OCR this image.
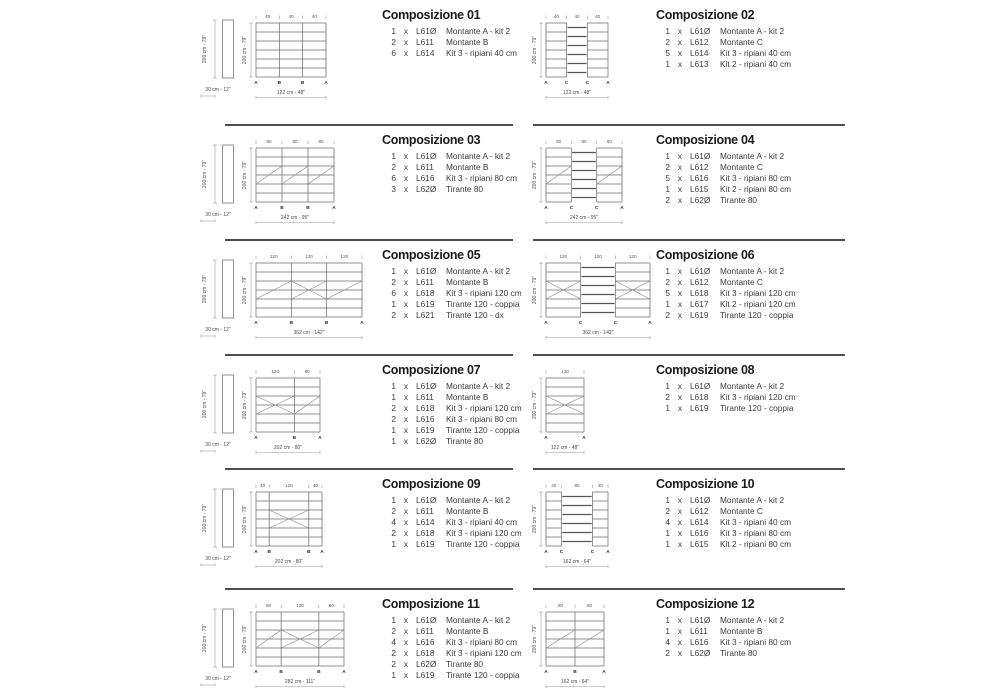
200 cm - 79"
30 cm - 12"
40	40	40
A	B	B	A
200 cm - 79"
122 cm - 48"
Composizione 01
1 x L61Ø	Montante A - kit 2
2 x L611	Montante B
6 x L614	Kit 3 - ripiani 40 cm
40	40	40
A	C	C	A
200 cm - 79"
122 cm - 48"
Composizione 02
1 x L61Ø	Montante A - kit 2
2 x L612	Montante C
5 x L614	Kit 3 - ripiani 40 cm
1 x L613	Kit 2 - ripiani 40 cm
200 cm - 79"
30 cm - 12"
80	80	80
A	B	B	A
200 cm - 79"
242 cm - 95"
Composizione 03
1 x L61Ø	Montante A - kit 2
2 x L611	Montante B
6 x L616	Kit 3 - ripiani 80 cm
3 x L62Ø	Tirante 80
80	80	80
A	C	C	A
200 cm - 79"
242 cm - 95"
Composizione 04
1 x L61Ø	Montante A - kit 2
2 x L612	Montante C
5 x L616	Kit 3 - ripiani 80 cm
1 x L615	Kit 2 - ripiani 80 cm
2 x L62Ø	Tirante 80
200 cm - 79"
30 cm - 12"
120	120	120
A	B	B	A
200 cm - 79"
362 cm - 142"
Composizione 05
1 x L61Ø	Montante A - kit 2
2 x L611	Montante B
6 x L618	Kit 3 - ripiani 120 cm
1 x L619	Tirante 120 - coppia
2 x L621	Tirante 120 - dx
120	120	120
A	C	C	A
200 cm - 79"
362 cm - 142"
Composizione 06
1 x L61Ø	Montante A - kit 2
2 x L612	Montante C
5 x L618	Kit 3 - ripiani 120 cm
1 x L617	Kit 2 - ripiani 120 cm
2 x L619	Tirante 120 - coppia
200 cm - 79"
30 cm - 12"
120	80
A	B	A
200 cm - 79"
202 cm - 80"
Composizione 07
1 x L61Ø	Montante A - kit 2
1 x L611	Montante B
2 x L618	Kit 3 - ripiani 120 cm
2 x L616	Kit 3 - ripiani 80 cm
1 x L619	Tirante 120 - coppia
1 x L62Ø	Tirante 80
120
A	A
200 cm - 79"
122 cm - 48"
Composizione 08
1 x L61Ø	Montante A - kit 2
2 x L618	Kit 3 - ripiani 120 cm
1 x L619	Tirante 120 - coppia
200 cm - 79"
30 cm - 12"
40	120	40
A B	B A
200 cm - 79"
202 cm - 80"
Composizione 09
1 x L61Ø	Montante A - kit 2
2 x L611	Montante B
4 x L614	Kit 3 - ripiani 40 cm
2 x L618	Kit 3 - ripiani 120 cm
1 x L619	Tirante 120 - coppia
40	80	40
A	C	C	A
200 cm - 79"
162 cm - 64"
Composizione 10
1 x L61Ø	Montante A - kit 2
2 x L612	Montante C
4 x L614	Kit 3 - ripiani 40 cm
1 x L616	Kit 3 - ripiani 80 cm
1 x L615	Kit 2 - ripiani 80 cm
200 cm - 79"
30 cm - 12"
80	120	80
A	B	B	A
200 cm - 79"
282 cm - 111"
Composizione 11
1 x L61Ø	Montante A - kit 2
2 x L611	Montante B
4 x L616	Kit 3 - ripiani 80 cm
2 x L618	Kit 3 - ripiani 120 cm
2 x L62Ø	Tirante 80
1 x L619	Tirante 120 - coppia
80	80
A	B	A
200 cm - 79"
162 cm - 64"
Composizione 12
1 x L61Ø	Montante A - kit 2
1 x L611	Montante B
4 x L616	Kit 3 - ripiani 80 cm
2 x L62Ø	Tirante 80
